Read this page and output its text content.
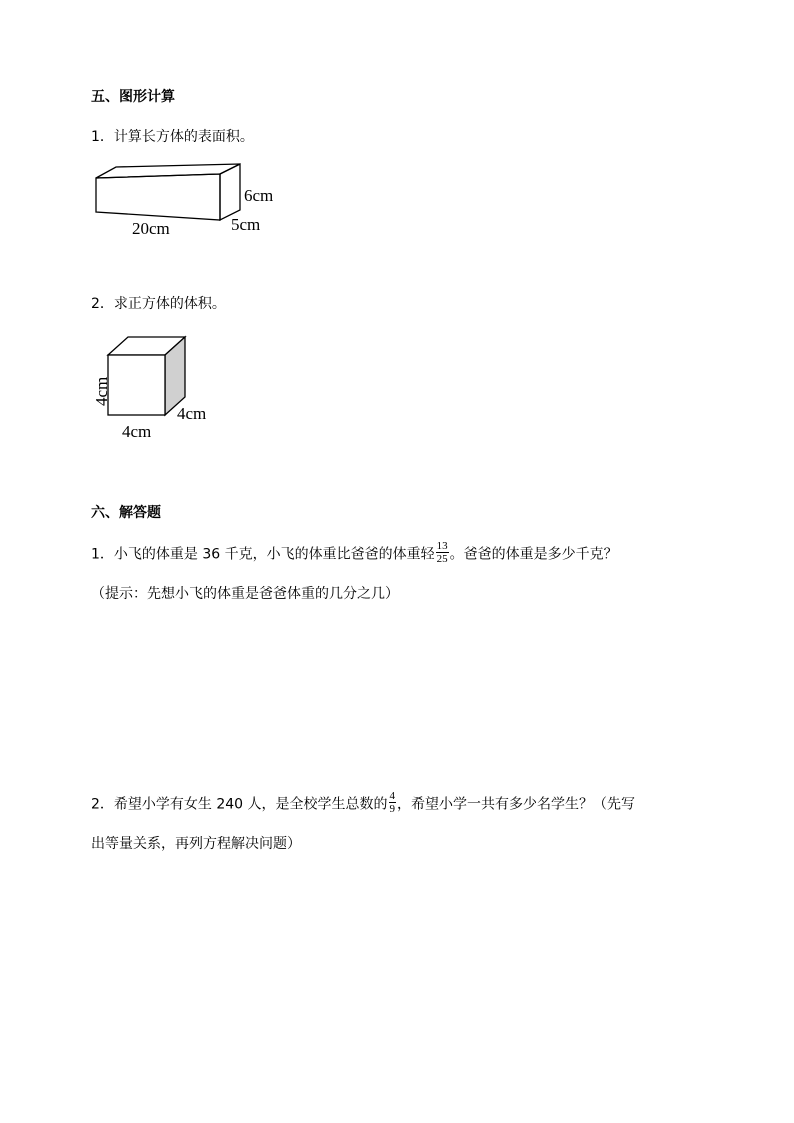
五、图形计算
1．计算长方体的表面积。
6cm
20cm	5cm
4cm
4cm
4cm
2．求正方体的体积。
六、解答题
1．小飞的体重是 36 千克，小飞的体重比爸爸的体重轻 $\frac{13}{25}$ 。爸爸的体重是多少千克？
（提示：先想小飞的体重是爸爸体重的几分之几）
2．希望小学有女生 240 人，是全校学生总数的 $\frac{4}{9}$ ，希望小学一共有多少名学生？（先写
出等量关系，再列方程解决问题）
